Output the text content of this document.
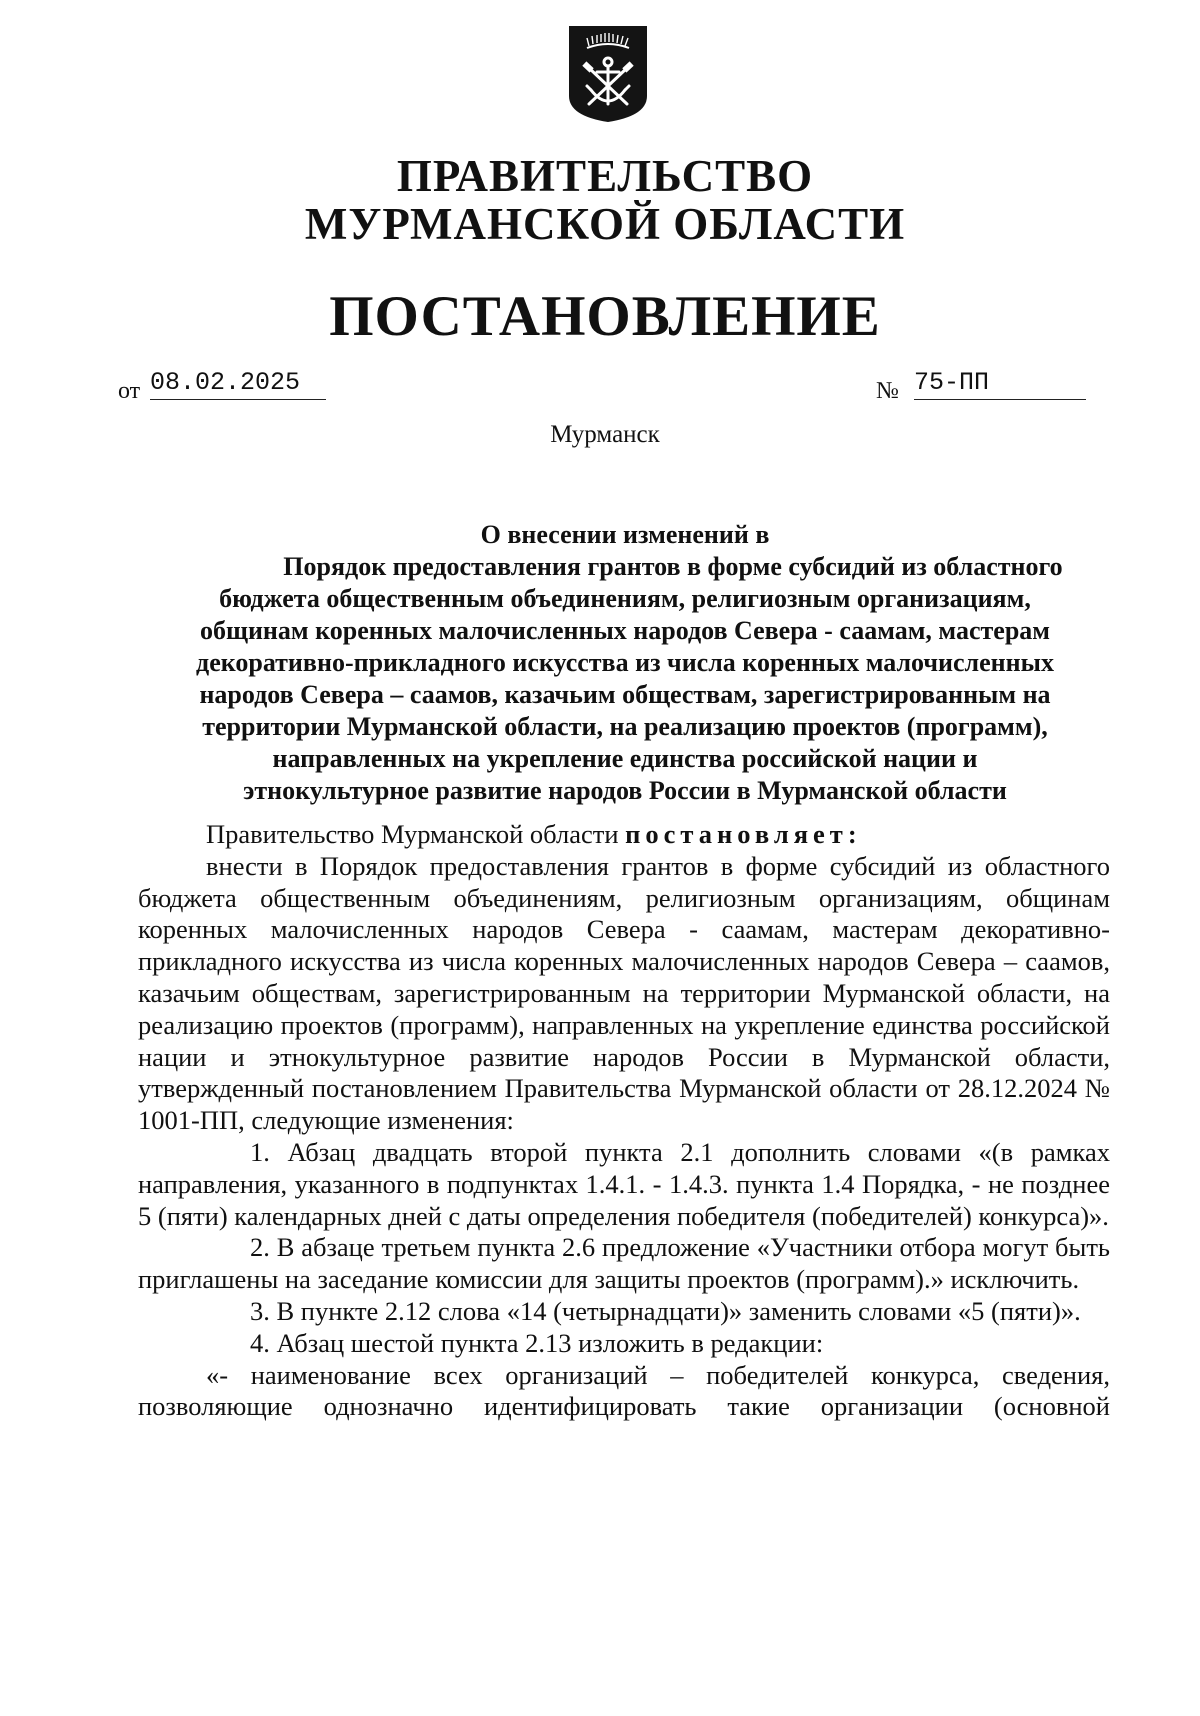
ПРАВИТЕЛЬСТВО
МУРМАНСКОЙ ОБЛАСТИ
ПОСТАНОВЛЕНИЕ
от 08.02.2025	№ 75-ПП
Мурманск
О внесении изменений в
Порядок предоставления грантов в форме субсидий из областного
бюджета общественным объединениям, религиозным организациям,
общинам коренных малочисленных народов Севера - саамам, мастерам
декоративно-прикладного искусства из числа коренных малочисленных
народов Севера – саамов, казачьим обществам, зарегистрированным на
территории Мурманской области, на реализацию проектов (программ),
направленных на укрепление единства российской нации и
этнокультурное развитие народов России в Мурманской области
Правительство Мурманской области постановляет:
внести в Порядок предоставления грантов в форме субсидий из областного бюджета общественным объединениям, религиозным организациям, общинам коренных малочисленных народов Севера - саамам, мастерам декоративно-прикладного искусства из числа коренных малочисленных народов Севера – саамов, казачьим обществам, зарегистрированным на территории Мурманской области, на реализацию проектов (программ), направленных на укрепление единства российской нации и этнокультурное развитие народов России в Мурманской области, утвержденный постановлением Правительства Мурманской области от 28.12.2024 № 1001-ПП, следующие изменения:
1. Абзац двадцать второй пункта 2.1 дополнить словами «(в рамках направления, указанного в подпунктах 1.4.1. - 1.4.3. пункта 1.4 Порядка, - не позднее 5 (пяти) календарных дней с даты определения победителя (победителей) конкурса)».
2. В абзаце третьем пункта 2.6 предложение «Участники отбора могут быть приглашены на заседание комиссии для защиты проектов (программ).» исключить.
3. В пункте 2.12 слова «14 (четырнадцати)» заменить словами «5 (пяти)».
4. Абзац шестой пункта 2.13 изложить в редакции:
«- наименование всех организаций – победителей конкурса, сведения, позволяющие однозначно идентифицировать такие организации (основной
